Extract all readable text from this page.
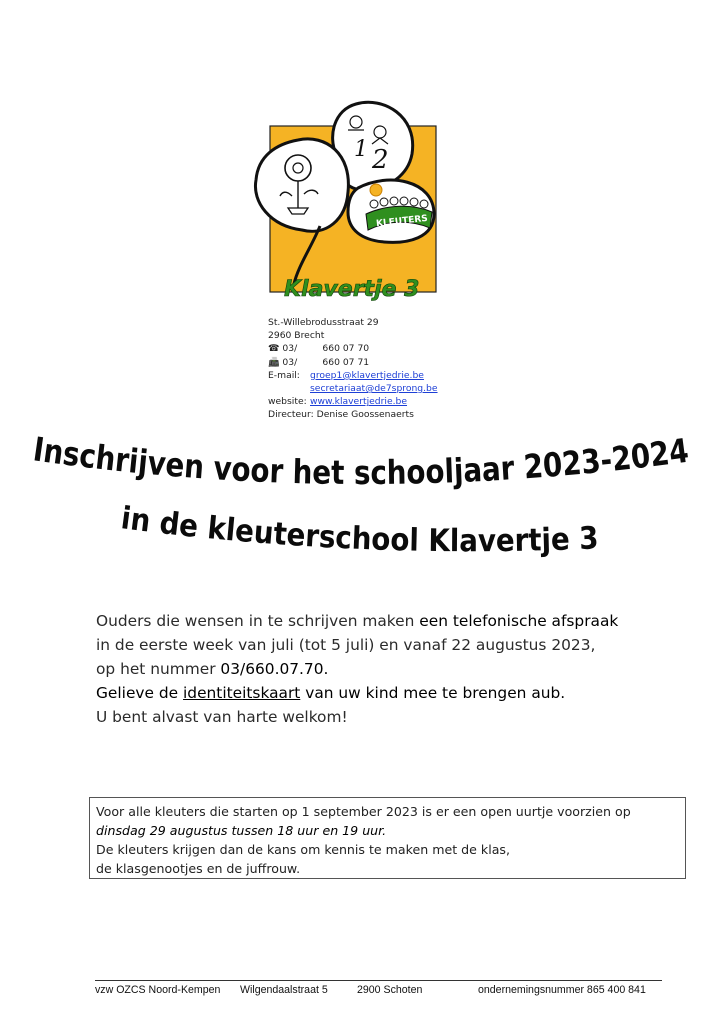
1 2
KLEUTERS
Klavertje 3
St.-Willebrodusstraat 29
2960 Brecht
☎ 03/	660 07 70
📠 03/	660 07 71
E-mail: groep1@klavertjedrie.be
secretariaat@de7sprong.be
website: www.klavertjedrie.be
Directeur: Denise Goossenaerts
Inschrijven voor het schooljaar 2023-2024
in de kleuterschool Klavertje 3
Ouders die wensen in te schrijven maken een telefonische afspraak
in de eerste week van juli (tot 5 juli) en vanaf 22 augustus 2023,
op het nummer 03/660.07.70.
Gelieve de identiteitskaart van uw kind mee te brengen aub.
U bent alvast van harte welkom!
Voor alle kleuters die starten op 1 september 2023 is er een open uurtje voorzien op
dinsdag 29 augustus tussen 18 uur en 19 uur.
De kleuters krijgen dan de kans om kennis te maken met de klas,
de klasgenootjes en de juffrouw.
vzw OZCS Noord-Kempen Wilgendaalstraat 5	2900 Schoten	ondernemingsnummer 865 400 841
